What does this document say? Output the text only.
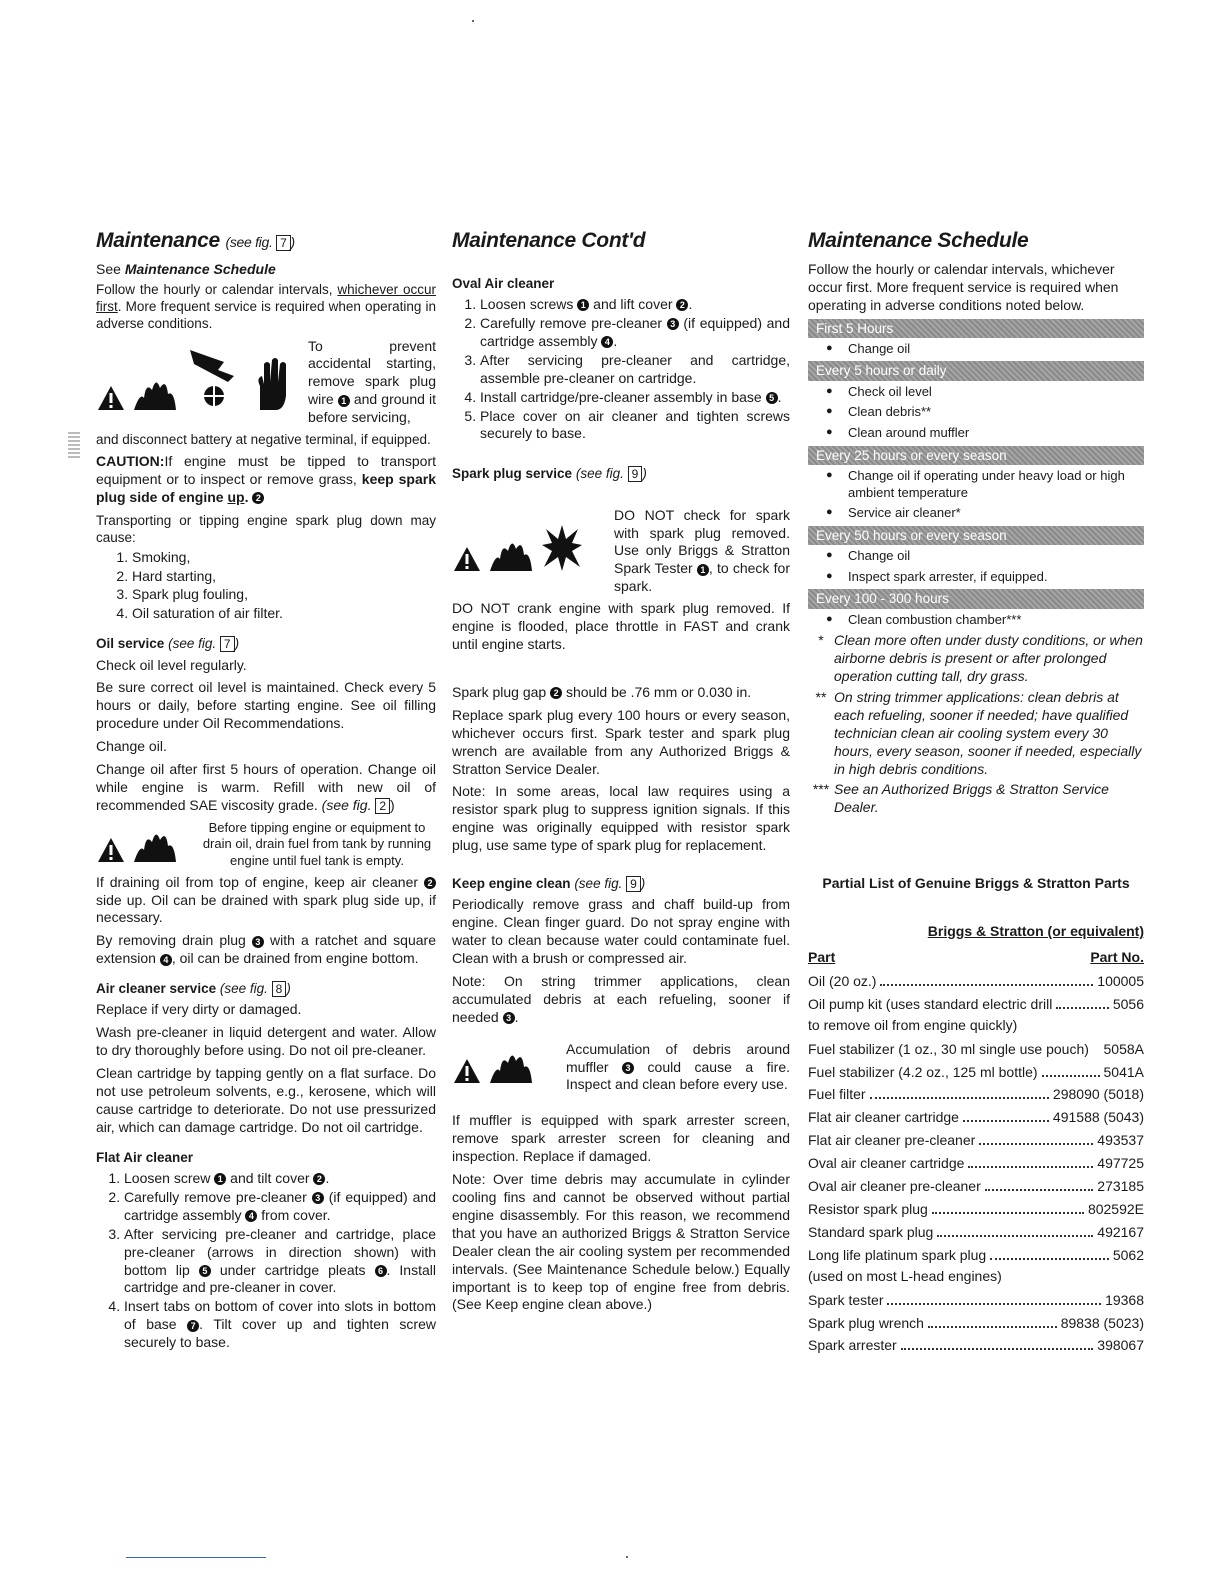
Maintenance (see fig. 7 )

See Maintenance Schedule

Follow the hourly or calendar intervals, whichever occur first. More frequent service is required when operating in adverse conditions.

To prevent accidental starting, remove spark plug wire 1 and ground it before servicing,

and disconnect battery at negative terminal, if equipped.

CAUTION:If engine must be tipped to transport equipment or to inspect or remove grass, keep spark plug side of engine up. 2

Transporting or tipping engine spark plug down may cause:

1. Smoking,
2. Hard starting,
3. Spark plug fouling,
4. Oil saturation of air filter.
Oil service (see fig. 7 )

Check oil level regularly.

Be sure correct oil level is maintained. Check every 5 hours or daily, before starting engine. See oil filling procedure under Oil Recommendations.

Change oil.

Change oil after first 5 hours of operation. Change oil while engine is warm. Refill with new oil of recommended SAE viscosity grade. (see fig. 2 )

Before tipping engine or equipment to drain oil, drain fuel from tank by running engine until fuel tank is empty.

If draining oil from top of engine, keep air cleaner 2 side up. Oil can be drained with spark plug side up, if necessary.

By removing drain plug 3 with a ratchet and square extension 4 , oil can be drained from engine bottom.

Air cleaner service (see fig. 8 )

Replace if very dirty or damaged.

Wash pre-cleaner in liquid detergent and water. Allow to dry thoroughly before using. Do not oil pre-cleaner.

Clean cartridge by tapping gently on a flat surface. Do not use petroleum solvents, e.g., kerosene, which will cause cartridge to deteriorate. Do not use pressurized air, which can damage cartridge. Do not oil cartridge.

Flat Air cleaner
1. Loosen screw 1 and tilt cover 2 .
2. Carefully remove pre-cleaner 3 (if equipped) and cartridge assembly 4 from cover.
3. After servicing pre-cleaner and cartridge, place pre-cleaner (arrows in direction shown) with bottom lip 5 under cartridge pleats 6 . Install cartridge and pre-cleaner in cover.
4. Insert tabs on bottom of cover into slots in bottom of base 7 . Tilt cover up and tighten screw securely to base.
Maintenance Cont'd
Oval Air cleaner
1. Loosen screws 1 and lift cover 2 .
2. Carefully remove pre-cleaner 3 (if equipped) and cartridge assembly 4 .
3. After servicing pre-cleaner and cartridge, assemble pre-cleaner on cartridge.
4. Install cartridge/pre-cleaner assembly in base 5 .
5. Place cover on air cleaner and tighten screws securely to base.
Spark plug service (see fig. 9 )
DO NOT check for spark with spark plug removed. Use only Briggs & Stratton Spark Tester 1 , to check for spark.

DO NOT crank engine with spark plug removed. If engine is flooded, place throttle in FAST and crank until engine starts.

Spark plug gap 2 should be .76 mm or 0.030 in.

Replace spark plug every 100 hours or every season, whichever occurs first. Spark tester and spark plug wrench are available from any Authorized Briggs & Stratton Service Dealer.

Note: In some areas, local law requires using a resistor spark plug to suppress ignition signals. If this engine was originally equipped with resistor spark plug, use same type of spark plug for replacement.

Keep engine clean (see fig. 9 )

Periodically remove grass and chaff build-up from engine. Clean finger guard. Do not spray engine with water to clean because water could contaminate fuel. Clean with a brush or compressed air.

Note: On string trimmer applications, clean accumulated debris at each refueling, sooner if needed 3 .

Accumulation of debris around muffler 3 could cause a fire. Inspect and clean before every use.

If muffler is equipped with spark arrester screen, remove spark arrester screen for cleaning and inspection. Replace if damaged.

Note: Over time debris may accumulate in cylinder cooling fins and cannot be observed without partial engine disassembly. For this reason, we recommend that you have an authorized Briggs & Stratton Service Dealer clean the air cooling system per recommended intervals. (See Maintenance Schedule below.) Equally important is to keep top of engine free from debris. (See Keep engine clean above.)

Maintenance Schedule

Follow the hourly or calendar intervals, whichever occur first. More frequent service is required when operating in adverse conditions noted below.

First 5 Hours
● Change oil
Every 5 hours or daily
● Check oil level
● Clean debris**
● Clean around muffler
Every 25 hours or every season
● Change oil if operating under heavy load or high ambient temperature
● Service air cleaner*
Every 50 hours or every season
● Change oil
● Inspect spark arrester, if equipped.
Every 100 - 300 hours
● Clean combustion chamber***
* Clean more often under dusty conditions, or when airborne debris is present or after prolonged operation cutting tall, dry grass.
** On string trimmer applications: clean debris at each refueling, sooner if needed; have qualified technician clean air cooling system every 30 hours, every season, sooner if needed, especially in high debris conditions.
*** See an Authorized Briggs & Stratton Service Dealer.
Partial List of Genuine Briggs & Stratton Parts
Briggs & Stratton (or equivalent)
Part	Part No.
Oil (20 oz.)	100005
Oil pump kit (uses standard electric drill	5056
to remove oil from engine quickly)
Fuel stabilizer (1 oz., 30 ml single use pouch) 5058A
Fuel stabilizer (4.2 oz., 125 ml bottle)	5041A
Fuel filter	298090 (5018)
Flat air cleaner cartridge	491588 (5043)
Flat air cleaner pre-cleaner	493537
Oval air cleaner cartridge	497725
Oval air cleaner pre-cleaner	273185
Resistor spark plug	802592E
Standard spark plug	492167
Long life platinum spark plug	5062
(used on most L-head engines)
Spark tester	19368
Spark plug wrench	89838 (5023)
Spark arrester	398067
